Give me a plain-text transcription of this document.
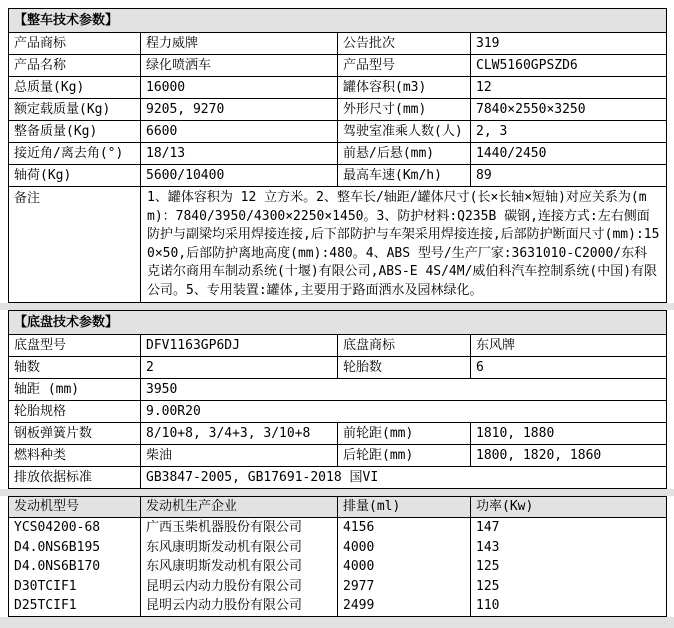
【整车技术参数】			
产品商标	程力威牌	公告批次	319
产品名称	绿化喷洒车	产品型号	CLW5160GPSZD6
总质量(Kg)	16000	罐体容积(m3)	12
额定载质量(Kg)	9205, 9270	外形尺寸(mm)	7840×2550×3250
整备质量(Kg)	6600	驾驶室准乘人数(人)	2, 3
接近角/离去角(°)	18/13	前悬/后悬(mm)	1440/2450
轴荷(Kg)	5600/10400	最高车速(Km/h)	89
备注	1、罐体容积为 12 立方米。2、整车长/轴距/罐体尺寸(长×长轴×短轴)对应关系为(mm)：7840/3950/4300×2250×1450。3、防护材料:Q235B 碳钢,连接方式:左右侧面防护与副梁均采用焊接连接,后下部防护与车架采用焊接连接,后部防护断面尺寸(mm):150×50,后部防护离地高度(mm):480。4、ABS 型号/生产厂家:3631010-C2000/东科克诺尔商用车制动系统(十堰)有限公司,ABS-E 4S/4M/威伯科汽车控制系统(中国)有限公司。5、专用装置:罐体,主要用于路面洒水及园林绿化。		
【底盘技术参数】			
底盘型号	DFV1163GP6DJ	底盘商标	东风牌
轴数	2	轮胎数	6
轴距 (mm)	3950		
轮胎规格	9.00R20		
钢板弹簧片数	8/10+8, 3/4+3, 3/10+8	前轮距(mm)	1810, 1880
燃料种类	柴油	后轮距(mm)	1800, 1820, 1860
排放依据标准	GB3847-2005, GB17691-2018 国VI		
发动机型号	发动机生产企业	排量(ml)	功率(Kw)
YCS04200-68	广西玉柴机器股份有限公司	4156	147
D4.0NS6B195	东风康明斯发动机有限公司	4000	143
D4.0NS6B170	东风康明斯发动机有限公司	4000	125
D30TCIF1	昆明云内动力股份有限公司	2977	125
D25TCIF1	昆明云内动力股份有限公司	2499	110
